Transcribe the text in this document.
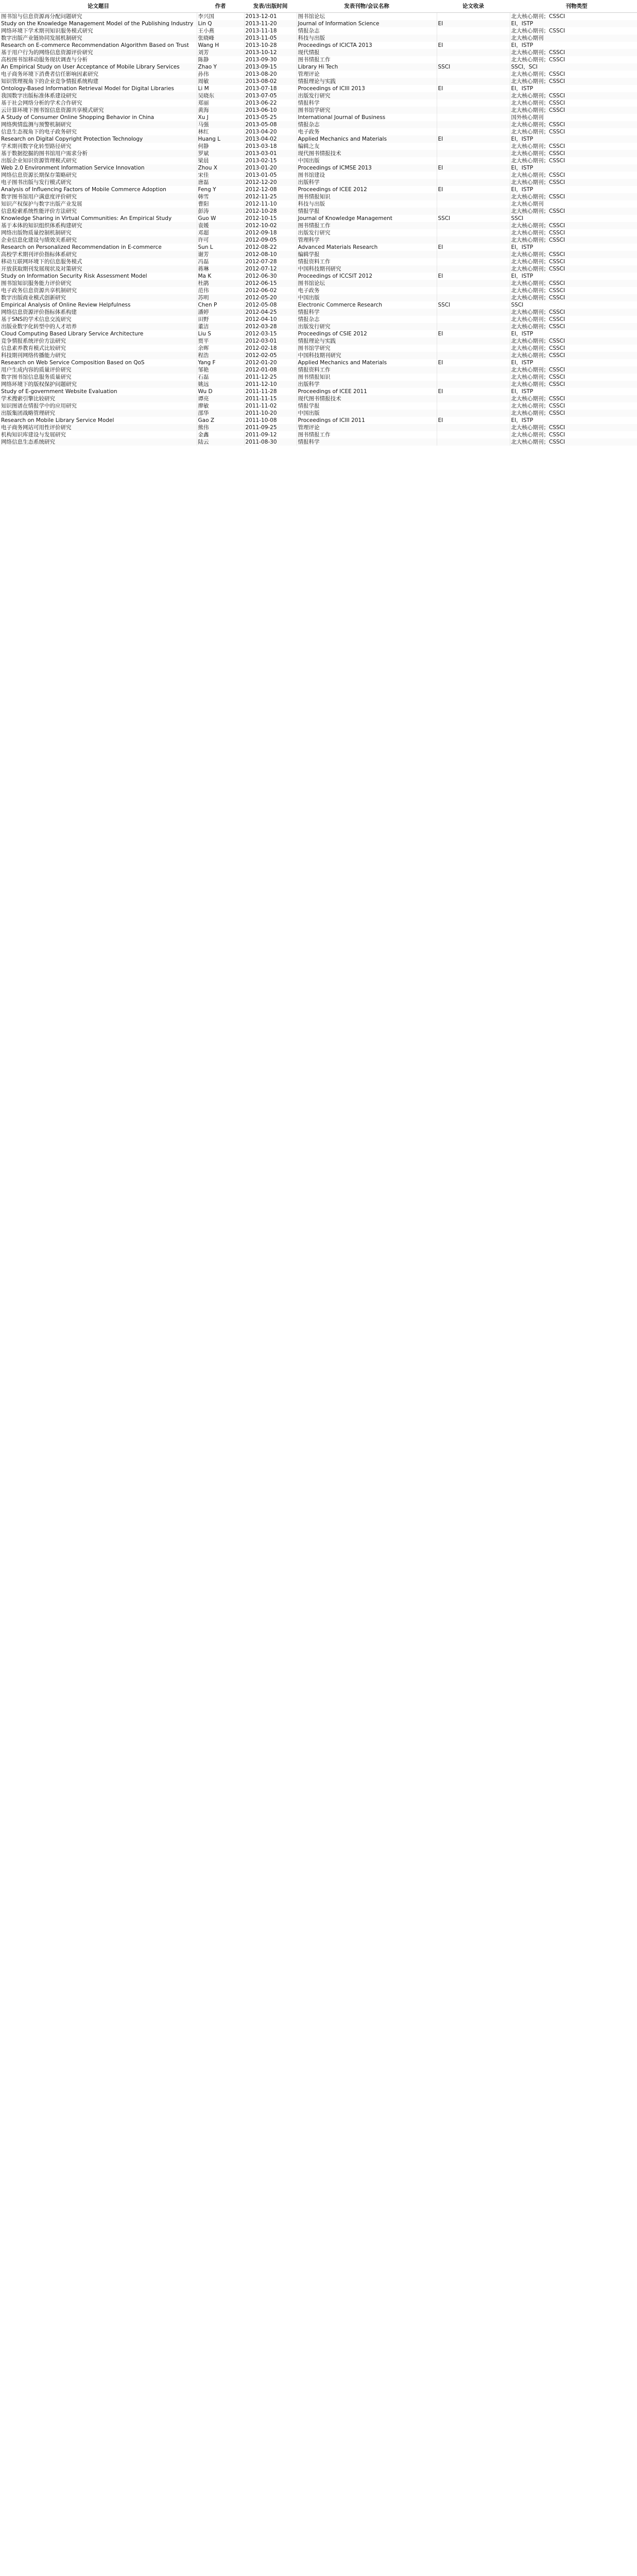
论文题目	作者	发表/出版时间	发表刊物/会议名称	论文收录	刊物类型
图书馆与信息资源再分配问题研究	李兴国	2013-12-01	图书馆论坛		北大核心期刊；CSSCI
Study on the Knowledge Management Model of the Publishing Industry	Lin Q	2013-11-20	Journal of Information Science	EI	EI，ISTP
网络环境下学术期刊知识服务模式研究	王小燕	2013-11-18	情报杂志		北大核心期刊；CSSCI
数字出版产业链协同发展机制研究	张晓峰	2013-11-05	科技与出版		北大核心期刊
Research on E-commerce Recommendation Algorithm Based on Trust	Wang H	2013-10-28	Proceedings of ICICTA 2013	EI	EI，ISTP
基于用户行为的网络信息资源评价研究	刘芳	2013-10-12	现代情报		北大核心期刊；CSSCI
高校图书馆移动服务现状调查与分析	陈静	2013-09-30	图书情报工作		北大核心期刊；CSSCI
An Empirical Study on User Acceptance of Mobile Library Services	Zhao Y	2013-09-15	Library Hi Tech	SSCI	SSCI，SCI
电子商务环境下消费者信任影响因素研究	孙伟	2013-08-20	管理评论		北大核心期刊；CSSCI
知识管理视角下的企业竞争情报系统构建	周敏	2013-08-02	情报理论与实践		北大核心期刊；CSSCI
Ontology-Based Information Retrieval Model for Digital Libraries	Li M	2013-07-18	Proceedings of ICIII 2013	EI	EI，ISTP
我国数字出版标准体系建设研究	吴晓东	2013-07-05	出版发行研究		北大核心期刊；CSSCI
基于社会网络分析的学术合作研究	郑丽	2013-06-22	情报科学		北大核心期刊；CSSCI
云计算环境下图书馆信息资源共享模式研究	黄海	2013-06-10	图书馆学研究		北大核心期刊；CSSCI
A Study of Consumer Online Shopping Behavior in China	Xu J	2013-05-25	International Journal of Business		国外核心期刊
网络舆情监测与预警机制研究	马强	2013-05-08	情报杂志		北大核心期刊；CSSCI
信息生态视角下的电子政务研究	林红	2013-04-20	电子政务		北大核心期刊；CSSCI
Research on Digital Copyright Protection Technology	Huang L	2013-04-02	Applied Mechanics and Materials	EI	EI，ISTP
学术期刊数字化转型路径研究	何静	2013-03-18	编辑之友		北大核心期刊；CSSCI
基于数据挖掘的图书馆用户需求分析	罗斌	2013-03-01	现代图书情报技术		北大核心期刊；CSSCI
出版企业知识资源管理模式研究	梁晨	2013-02-15	中国出版		北大核心期刊；CSSCI
Web 2.0 Environment Information Service Innovation	Zhou X	2013-01-20	Proceedings of ICMSE 2013	EI	EI，ISTP
网络信息资源长期保存策略研究	宋佳	2013-01-05	图书馆建设		北大核心期刊；CSSCI
电子图书出版与发行模式研究	唐磊	2012-12-20	出版科学		北大核心期刊；CSSCI
Analysis of Influencing Factors of Mobile Commerce Adoption	Feng Y	2012-12-08	Proceedings of ICEE 2012	EI	EI，ISTP
数字图书馆用户满意度评价研究	韩雪	2012-11-25	图书情报知识		北大核心期刊；CSSCI
知识产权保护与数字出版产业发展	曹阳	2012-11-10	科技与出版		北大核心期刊
信息检索系统性能评价方法研究	彭涛	2012-10-28	情报学报		北大核心期刊；CSSCI
Knowledge Sharing in Virtual Communities: An Empirical Study	Guo W	2012-10-15	Journal of Knowledge Management	SSCI	SSCI
基于本体的知识组织体系构建研究	袁媛	2012-10-02	图书情报工作		北大核心期刊；CSSCI
网络出版物质量控制机制研究	邓超	2012-09-18	出版发行研究		北大核心期刊；CSSCI
企业信息化建设与绩效关系研究	许可	2012-09-05	管理科学		北大核心期刊；CSSCI
Research on Personalized Recommendation in E-commerce	Sun L	2012-08-22	Advanced Materials Research	EI	EI，ISTP
高校学术期刊评价指标体系研究	谢芳	2012-08-10	编辑学报		北大核心期刊；CSSCI
移动互联网环境下的信息服务模式	冯磊	2012-07-28	情报资料工作		北大核心期刊；CSSCI
开放获取期刊发展现状及对策研究	蒋琳	2012-07-12	中国科技期刊研究		北大核心期刊；CSSCI
Study on Information Security Risk Assessment Model	Ma K	2012-06-30	Proceedings of ICCSIT 2012	EI	EI，ISTP
图书馆知识服务能力评价研究	杜鹃	2012-06-15	图书馆论坛		北大核心期刊；CSSCI
电子政务信息资源共享机制研究	范伟	2012-06-02	电子政务		北大核心期刊；CSSCI
数字出版商业模式创新研究	苏明	2012-05-20	中国出版		北大核心期刊；CSSCI
Empirical Analysis of Online Review Helpfulness	Chen P	2012-05-08	Electronic Commerce Research	SSCI	SSCI
网络信息资源评价指标体系构建	潘婷	2012-04-25	情报科学		北大核心期刊；CSSCI
基于SNS的学术信息交流研究	田野	2012-04-10	情报杂志		北大核心期刊；CSSCI
出版业数字化转型中的人才培养	董洁	2012-03-28	出版发行研究		北大核心期刊；CSSCI
Cloud Computing Based Library Service Architecture	Liu S	2012-03-15	Proceedings of CSIE 2012	EI	EI，ISTP
竞争情报系统评价方法研究	贾平	2012-03-01	情报理论与实践		北大核心期刊；CSSCI
信息素养教育模式比较研究	余晖	2012-02-18	图书馆学研究		北大核心期刊；CSSCI
科技期刊网络传播能力研究	程浩	2012-02-05	中国科技期刊研究		北大核心期刊；CSSCI
Research on Web Service Composition Based on QoS	Yang F	2012-01-20	Applied Mechanics and Materials	EI	EI，ISTP
用户生成内容的质量评价研究	邹艳	2012-01-08	情报资料工作		北大核心期刊；CSSCI
数字图书馆信息服务质量研究	石磊	2011-12-25	图书情报知识		北大核心期刊；CSSCI
网络环境下的版权保护问题研究	姚远	2011-12-10	出版科学		北大核心期刊；CSSCI
Study of E-government Website Evaluation	Wu D	2011-11-28	Proceedings of ICEE 2011	EI	EI，ISTP
学术搜索引擎比较研究	谭亮	2011-11-15	现代图书情报技术		北大核心期刊；CSSCI
知识图谱在情报学中的应用研究	廖敏	2011-11-02	情报学报		北大核心期刊；CSSCI
出版集团战略管理研究	邵华	2011-10-20	中国出版		北大核心期刊；CSSCI
Research on Mobile Library Service Model	Gao Z	2011-10-08	Proceedings of ICIII 2011	EI	EI，ISTP
电子商务网站可用性评价研究	熊伟	2011-09-25	管理评论		北大核心期刊；CSSCI
机构知识库建设与发展研究	金鑫	2011-09-12	图书情报工作		北大核心期刊；CSSCI
网络信息生态系统研究	陆云	2011-08-30	情报科学		北大核心期刊；CSSCI
